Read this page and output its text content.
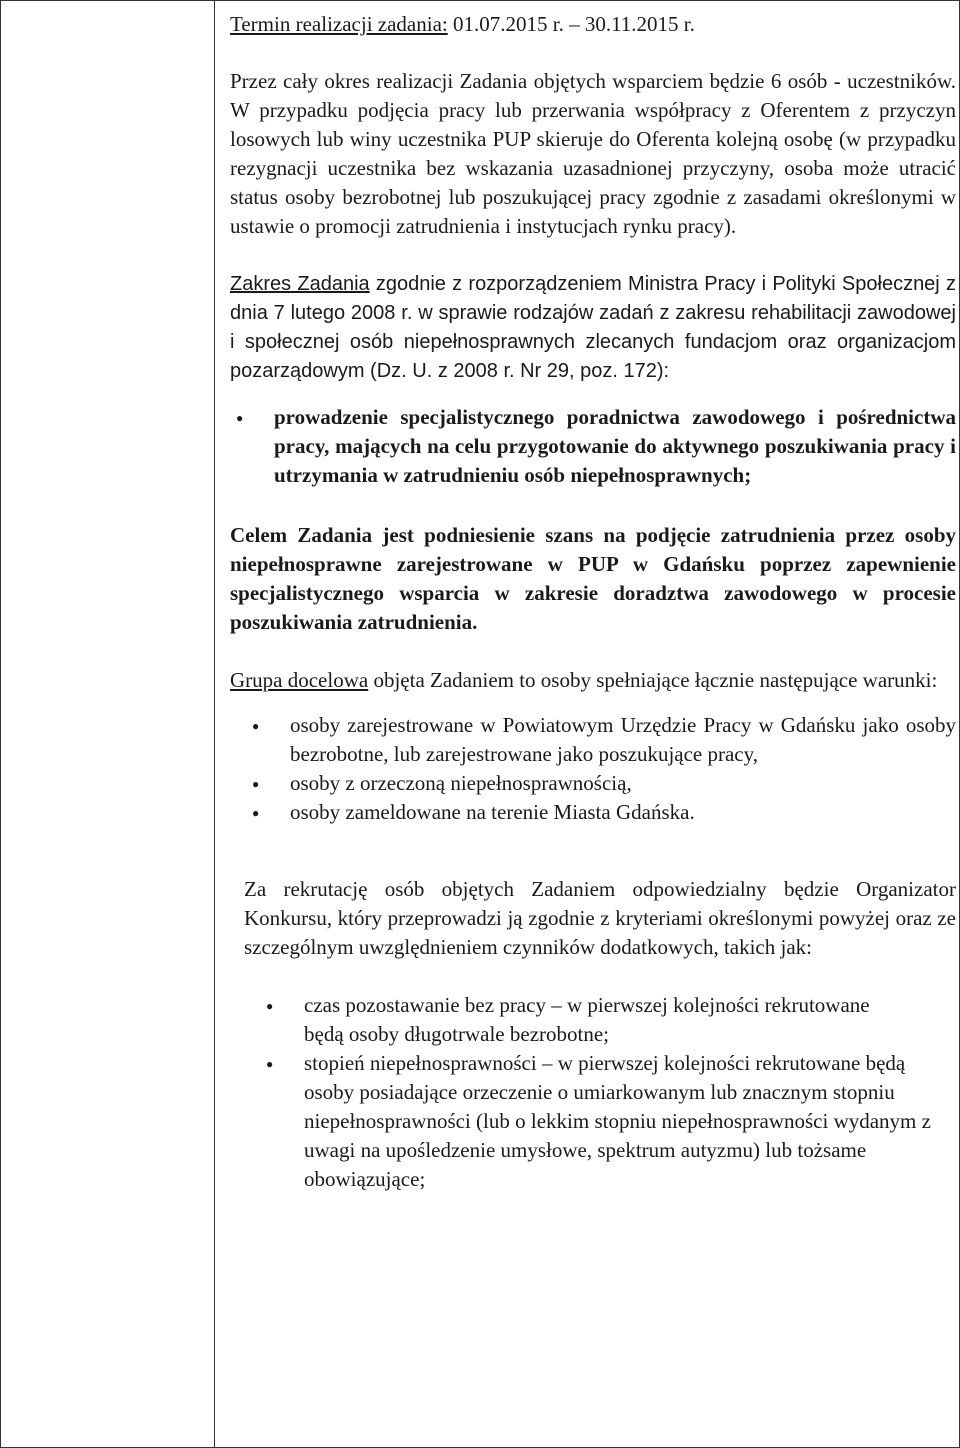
Termin realizacji zadania: 01.07.2015 r. – 30.11.2015 r.

Przez cały okres realizacji Zadania objętych wsparciem będzie 6 osób - uczestników. W przypadku podjęcia pracy lub przerwania współpracy z Oferentem z przyczyn losowych lub winy uczestnika PUP skieruje do Oferenta kolejną osobę (w przypadku rezygnacji uczestnika bez wskazania uzasadnionej przyczyny, osoba może utracić status osoby bezrobotnej lub poszukującej pracy zgodnie z zasadami określonymi w ustawie o promocji zatrudnienia i instytucjach rynku pracy).

Zakres Zadania zgodnie z rozporządzeniem Ministra Pracy i Polityki Społecznej z dnia 7 lutego 2008 r. w sprawie rodzajów zadań z zakresu rehabilitacji zawodowej i społecznej osób niepełnosprawnych zlecanych fundacjom oraz organizacjom pozarządowym (Dz. U. z 2008 r. Nr 29, poz. 172):

● prowadzenie specjalistycznego poradnictwa zawodowego i pośrednictwa pracy, mających na celu przygotowanie do aktywnego poszukiwania pracy i utrzymania w zatrudnieniu osób niepełnosprawnych;

Celem Zadania jest podniesienie szans na podjęcie zatrudnienia przez osoby niepełnosprawne zarejestrowane w PUP w Gdańsku poprzez zapewnienie specjalistycznego wsparcia w zakresie doradztwa zawodowego w procesie poszukiwania zatrudnienia.

Grupa docelowa objęta Zadaniem to osoby spełniające łącznie następujące warunki:

● osoby zarejestrowane w Powiatowym Urzędzie Pracy w Gdańsku jako osoby bezrobotne, lub zarejestrowane jako poszukujące pracy,
● osoby z orzeczoną niepełnosprawnością,
● osoby zameldowane na terenie Miasta Gdańska.

Za rekrutację osób objętych Zadaniem odpowiedzialny będzie Organizator Konkursu, który przeprowadzi ją zgodnie z kryteriami określonymi powyżej oraz ze szczególnym uwzględnieniem czynników dodatkowych, takich jak:

● czas pozostawanie bez pracy – w pierwszej kolejności rekrutowane będą osoby długotrwale bezrobotne;
● stopień niepełnosprawności – w pierwszej kolejności rekrutowane będą osoby posiadające orzeczenie o umiarkowanym lub znacznym stopniu niepełnosprawności (lub o lekkim stopniu niepełnosprawności wydanym z uwagi na upośledzenie umysłowe, spektrum autyzmu) lub tożsame obowiązujące;
